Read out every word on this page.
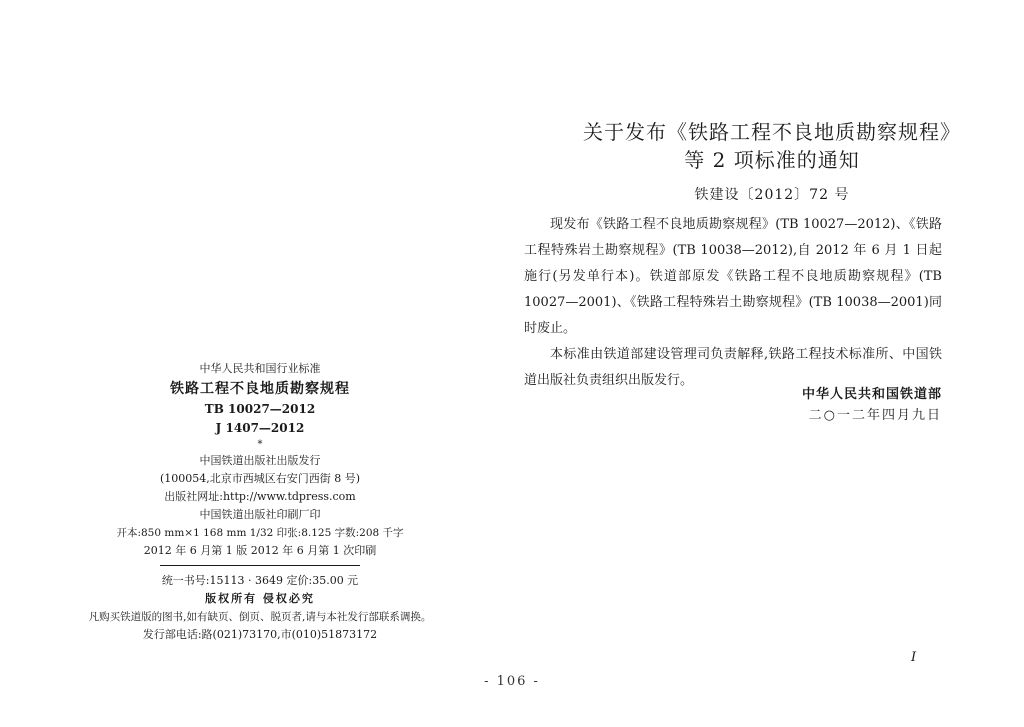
中华人民共和国行业标准
铁路工程不良地质勘察规程
TB 10027—2012
J 1407—2012
*
中国铁道出版社出版发行
(100054,北京市西城区右安门西街 8 号)
出版社网址:http://www.tdpress.com
中国铁道出版社印刷厂印
开本:850 mm×1 168 mm 1/32 印张:8.125 字数:208 千字
2012 年 6 月第 1 版 2012 年 6 月第 1 次印刷
统一书号:15113 · 3649 定价:35.00 元
版权所有 侵权必究
凡购买铁道版的图书,如有缺页、倒页、脱页者,请与本社发行部联系调换。
发行部电话:路(021)73170,市(010)51873172
关于发布《铁路工程不良地质勘察规程》
等 2 项标准的通知
铁建设〔2012〕72 号

现发布《铁路工程不良地质勘察规程》(TB 10027—2012)、《铁路工程特殊岩土勘察规程》(TB 10038—2012),自 2012 年 6 月 1 日起施行(另发单行本)。铁道部原发《铁路工程不良地质勘察规程》(TB 10027—2001)、《铁路工程特殊岩土勘察规程》(TB 10038—2001)同时废止。

本标准由铁道部建设管理司负责解释,铁路工程技术标准所、中国铁道出版社负责组织出版发行。

中华人民共和国铁道部
二○一二年四月九日
I
- 106 -
